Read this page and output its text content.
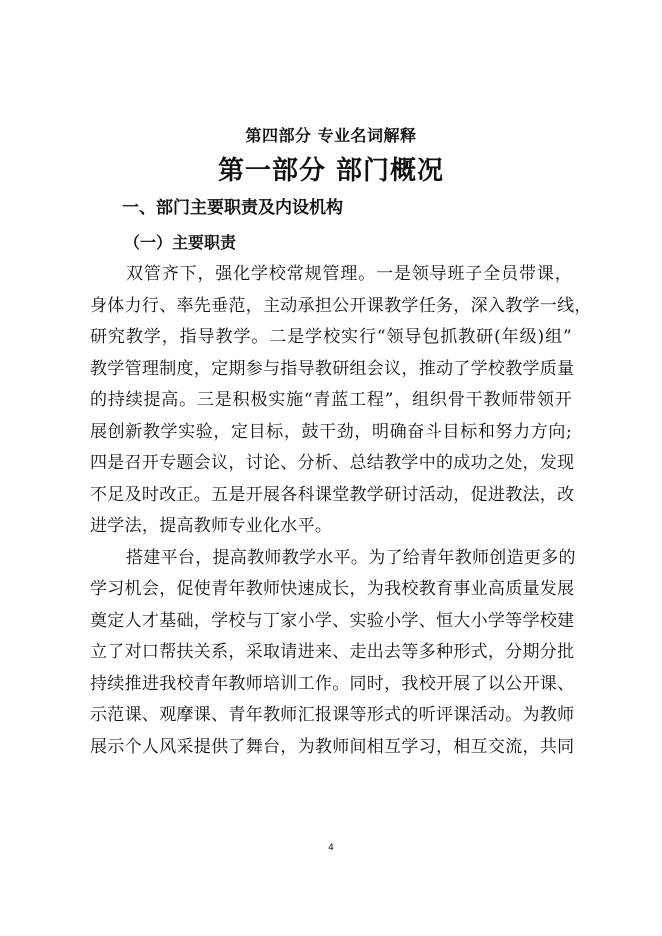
第四部分 专业名词解释
第一部分 部门概况
一、部门主要职责及内设机构
（一）主要职责
双管齐下，强化学校常规管理。一是领导班子全员带课，
身体力行、率先垂范，主动承担公开课教学任务，深入教学一线，
研究教学，指导教学。二是学校实行“领导包抓教研(年级)组”
教学管理制度，定期参与指导教研组会议，推动了学校教学质量
的持续提高。三是积极实施“青蓝工程”，组织骨干教师带领开
展创新教学实验，定目标，鼓干劲，明确奋斗目标和努力方向;
四是召开专题会议，讨论、分析、总结教学中的成功之处，发现
不足及时改正。五是开展各科课堂教学研讨活动，促进教法，改
进学法，提高教师专业化水平。
搭建平台，提高教师教学水平。为了给青年教师创造更多的
学习机会，促使青年教师快速成长，为我校教育事业高质量发展
奠定人才基础，学校与丁家小学、实验小学、恒大小学等学校建
立了对口帮扶关系，采取请进来、走出去等多种形式，分期分批
持续推进我校青年教师培训工作。同时，我校开展了以公开课、
示范课、观摩课、青年教师汇报课等形式的听评课活动。为教师
展示个人风采提供了舞台，为教师间相互学习，相互交流，共同
4
